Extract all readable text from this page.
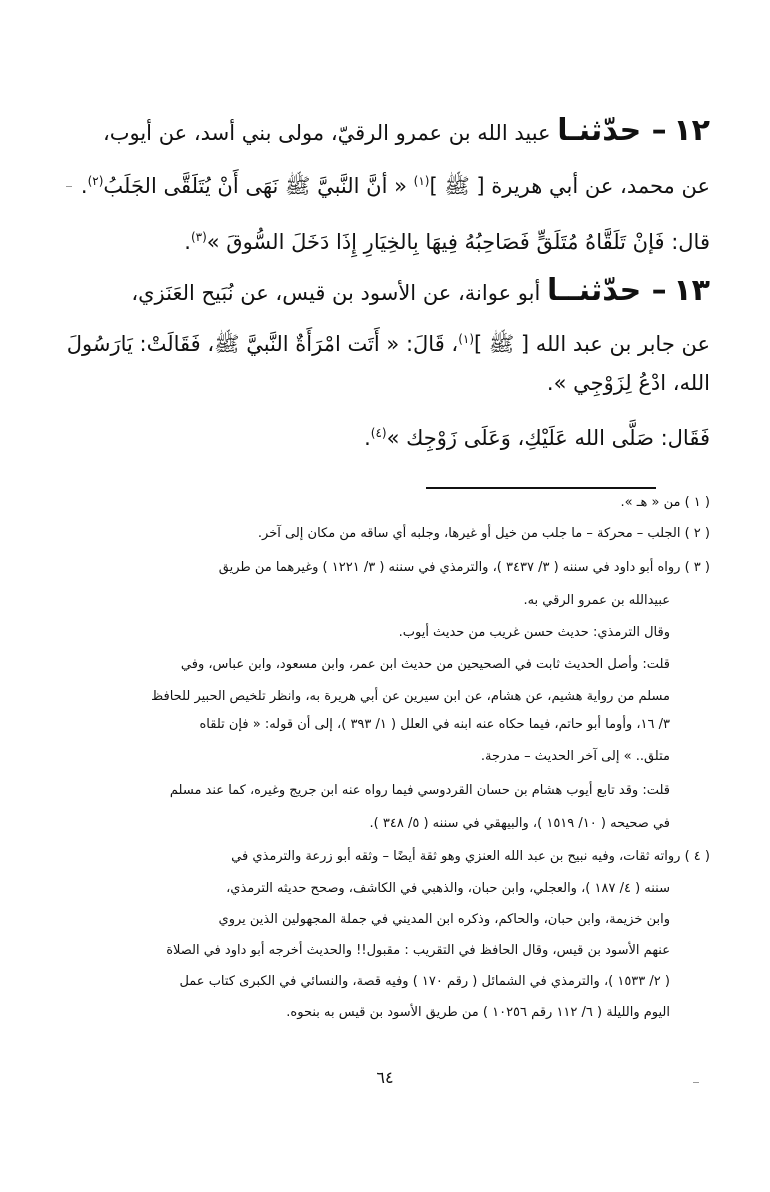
١٢ – حدّثنـا عبيد الله بن عمرو الرقيّ، مولى بني أسد، عن أيوب،
عن محمد، عن أبي هريرة [ ﷺ ]$^{(١)}$ « أنَّ النَّبيَّ ﷺ نَهَى أَنْ يُتَلَقَّى الجَلَبُ$^{(٢)}$.
قال: فَإنْ تَلَقَّاهُ مُتَلَقٍّ فَصَاحِبُهُ فِيهَا بِالخِيَارِ إِذَا دَخَلَ السُّوقَ »$^{(٣)}$.
١٣ – حدّثنــا أبو عوانة، عن الأسود بن قيس، عن نُبَيح العَنَزي،
عن جابر بن عبد الله [ ﷺ ]$^{(١)}$، قَالَ: « أَتَت امْرَأَةٌ النَّبيَّ ﷺ، فَقَالَتْ: يَارَسُولَ
الله، ادْعُ لِزَوْجِي ».
فَقَال: صَلَّى الله عَلَيْكِ، وَعَلَى زَوْجِك »$^{(٤)}$.
( ١ ) من « هـ ».
( ٢ ) الجلب – محركة – ما جلب من خيل أو غيرها، وجلبه أي ساقه من مكان إلى آخر.
( ٣ ) رواه أبو داود في سننه ( ٣/ ٣٤٣٧ )، والترمذي في سننه ( ٣/ ١٢٢١ ) وغيرهما من طريق
عبيدالله بن عمرو الرقي به.
وقال الترمذي: حديث حسن غريب من حديث أيوب.
قلت: وأصل الحديث ثابت في الصحيحين من حديث ابن عمر، وابن مسعود، وابن عباس، وفي
مسلم من رواية هشيم، عن هشام، عن ابن سيرين عن أبي هريرة به، وانظر تلخيص الحبير للحافظ
٣/ ١٦، وأوما أبو حاتم، فيما حكاه عنه ابنه في العلل ( ١/ ٣٩٣ )، إلى أن قوله: « فإن تلقاه
متلق.. » إلى آخر الحديث – مدرجة.
قلت: وقد تابع أيوب هشام بن حسان القردوسي فيما رواه عنه ابن جريج وغيره، كما عند مسلم
في صحيحه ( ١٠/ ١٥١٩ )، والبيهقي في سننه ( ٥/ ٣٤٨ ).
( ٤ ) رواته ثقات، وفيه نبيح بن عبد الله العنزي وهو ثقة أيضًا – وثقه أبو زرعة والترمذي في
سننه ( ٤/ ١٨٧ )، والعجلي، وابن حبان، والذهبي في الكاشف، وصحح حديثه الترمذي،
وابن خزيمة، وابن حبان، والحاكم، وذكره ابن المديني في جملة المجهولين الذين يروي
عنهم الأسود بن قيس، وقال الحافظ في التقريب : مقبول!! والحديث أخرجه أبو داود في الصلاة
( ٢/ ١٥٣٣ )، والترمذي في الشمائل ( رقم ١٧٠ ) وفيه قصة، والنسائي في الكبرى كتاب عمل
اليوم والليلة ( ٦/ ١١٢ رقم ١٠٢٥٦ ) من طريق الأسود بن قيس به بنحوه.
٦٤
